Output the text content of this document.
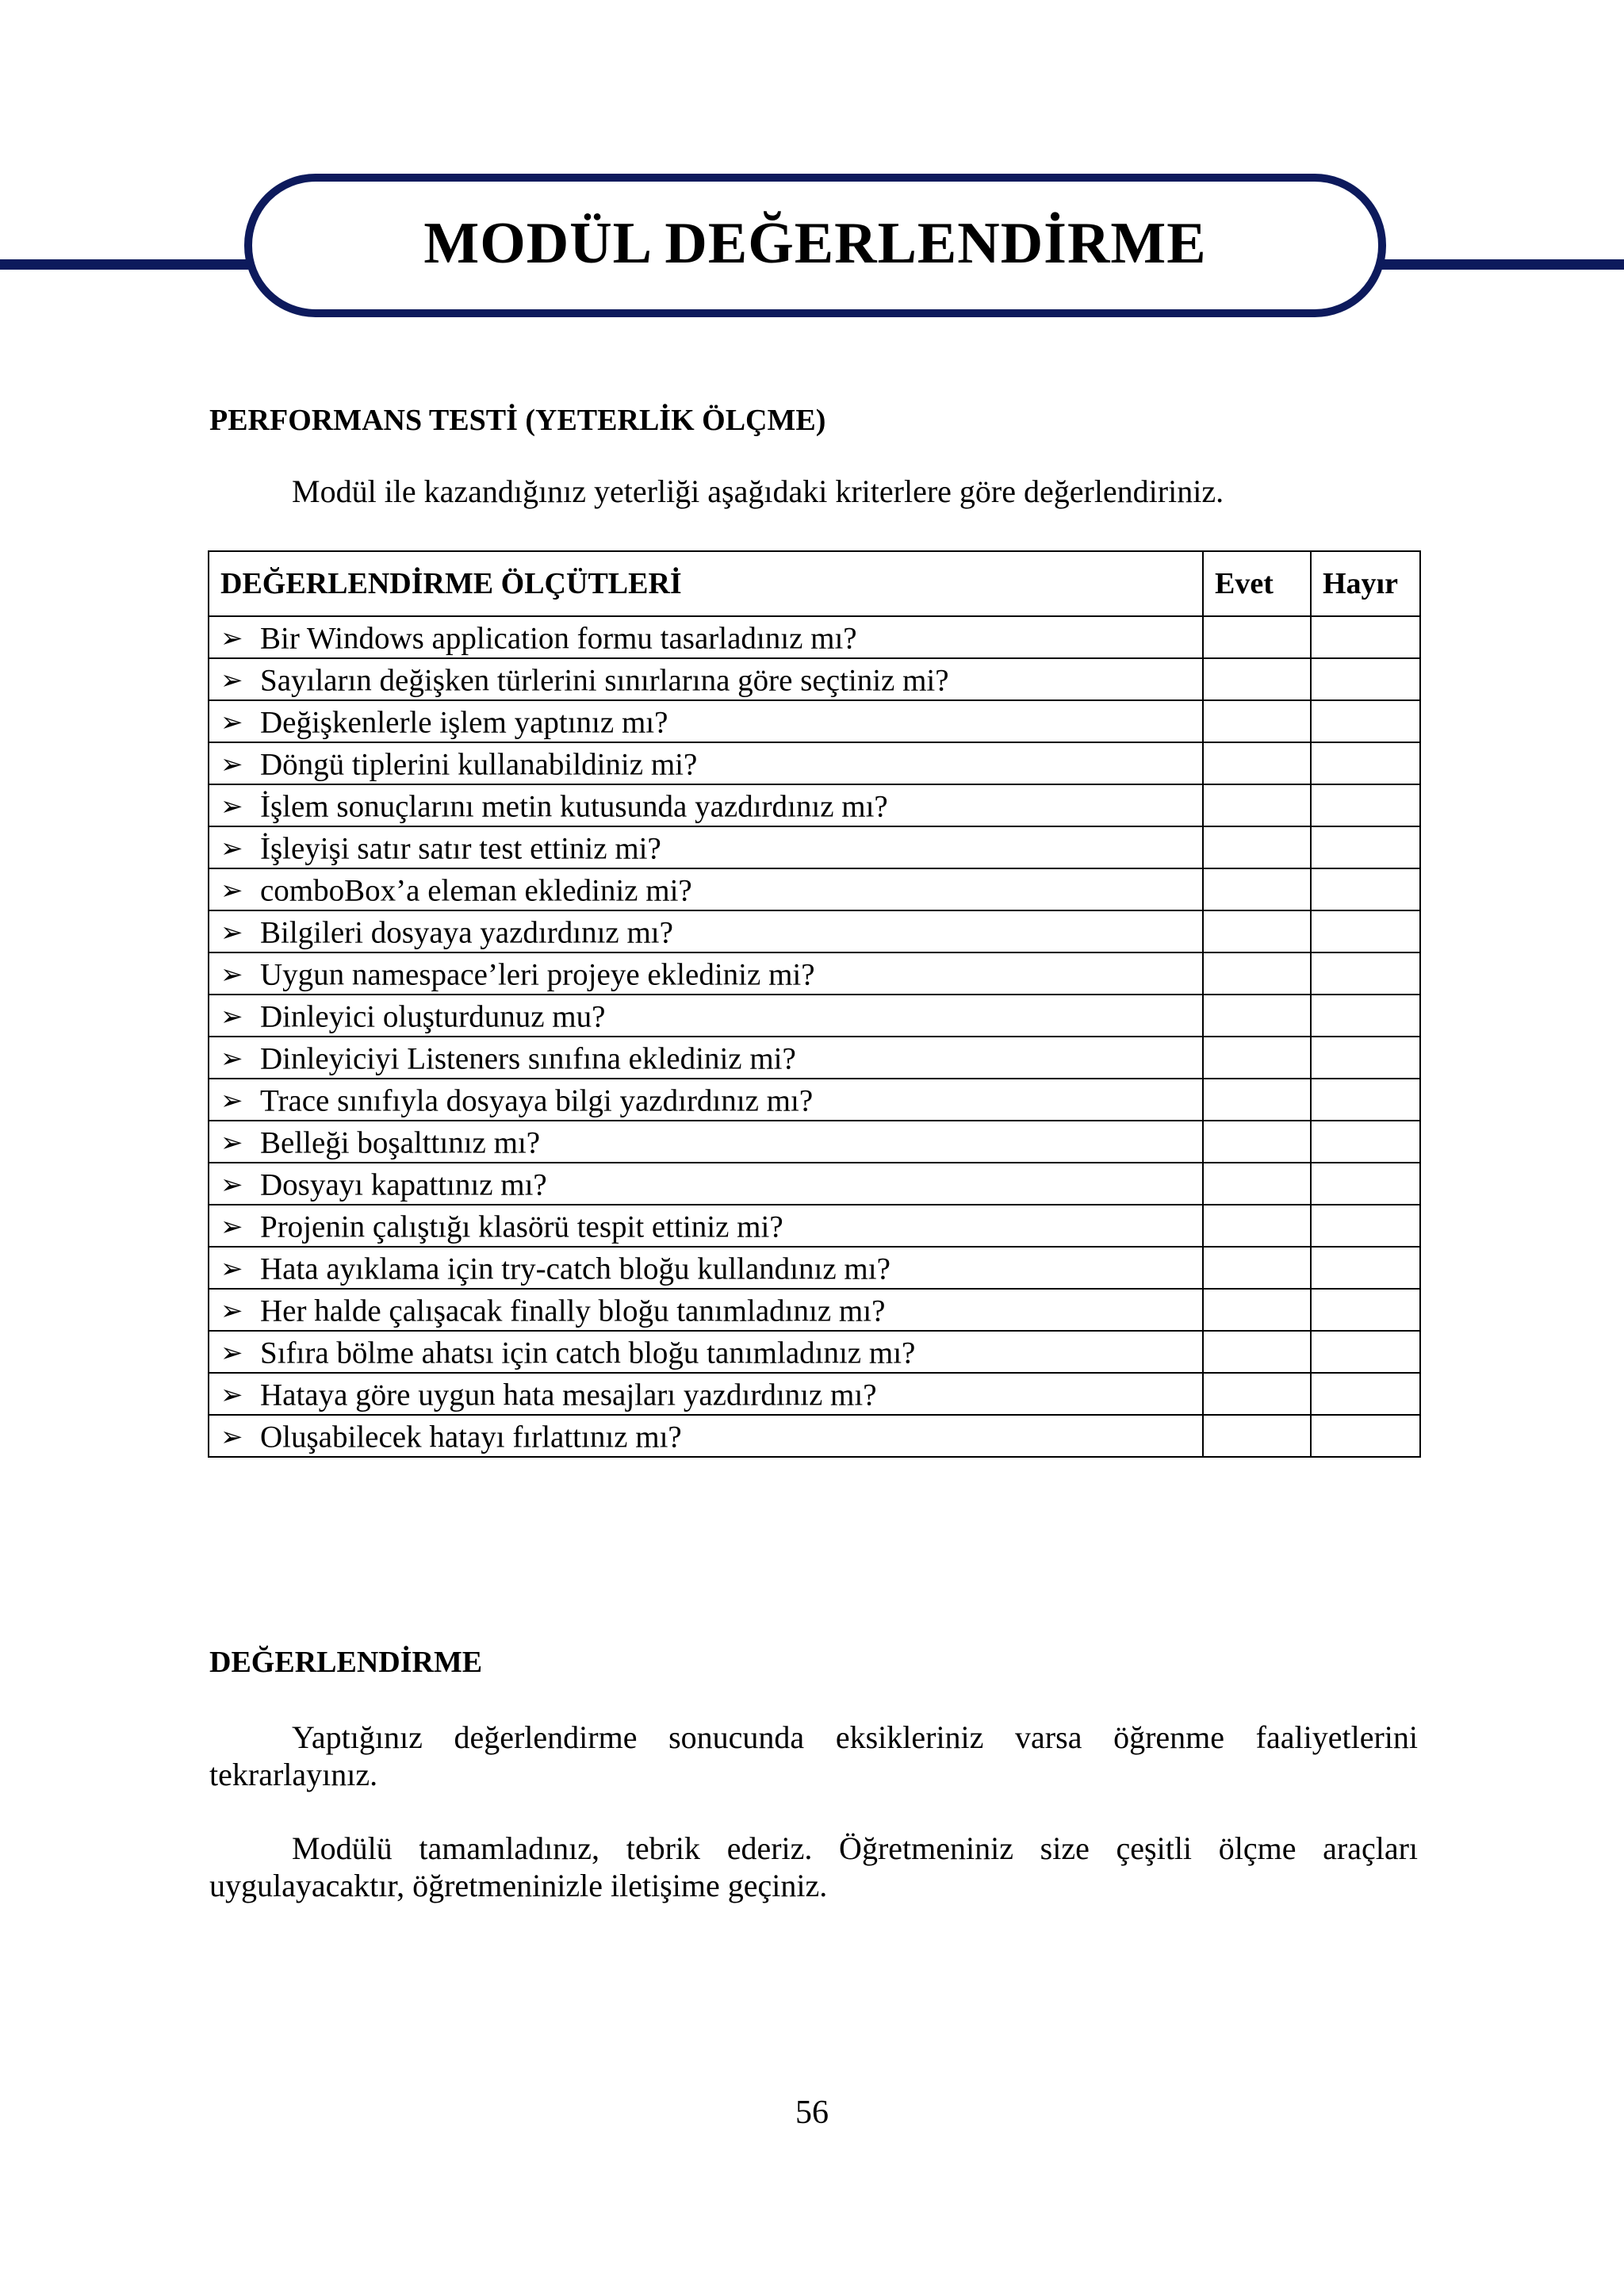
MODÜL DEĞERLENDİRME
PERFORMANS TESTİ (YETERLİK ÖLÇME)
Modül ile kazandığınız yeterliği aşağıdaki kriterlere göre değerlendiriniz.
DEĞERLENDİRME ÖLÇÜTLERİ	Evet	Hayır
➢ Bir Windows application formu tasarladınız mı?		
➢ Sayıların değişken türlerini sınırlarına göre seçtiniz mi?		
➢ Değişkenlerle işlem yaptınız mı?		
➢ Döngü tiplerini kullanabildiniz mi?		
➢ İşlem sonuçlarını metin kutusunda yazdırdınız mı?		
➢ İşleyişi satır satır test ettiniz mi?		
➢ comboBox’a eleman eklediniz mi?		
➢ Bilgileri dosyaya yazdırdınız mı?		
➢ Uygun namespace’leri projeye eklediniz mi?		
➢ Dinleyici oluşturdunuz mu?		
➢ Dinleyiciyi Listeners sınıfına eklediniz mi?		
➢ Trace sınıfıyla dosyaya bilgi yazdırdınız mı?		
➢ Belleği boşalttınız mı?		
➢ Dosyayı kapattınız mı?		
➢ Projenin çalıştığı klasörü tespit ettiniz mi?		
➢ Hata ayıklama için try-catch bloğu kullandınız mı?		
➢ Her halde çalışacak finally bloğu tanımladınız mı?		
➢ Sıfıra bölme ahatsı için catch bloğu tanımladınız mı?		
➢ Hataya göre uygun hata mesajları yazdırdınız mı?		
➢ Oluşabilecek hatayı fırlattınız mı?		
DEĞERLENDİRME

Yaptığınız değerlendirme sonucunda eksikleriniz varsa öğrenme faaliyetlerini tekrarlayınız.

Modülü tamamladınız, tebrik ederiz. Öğretmeniniz size çeşitli ölçme araçları uygulayacaktır, öğretmeninizle iletişime geçiniz.

56
